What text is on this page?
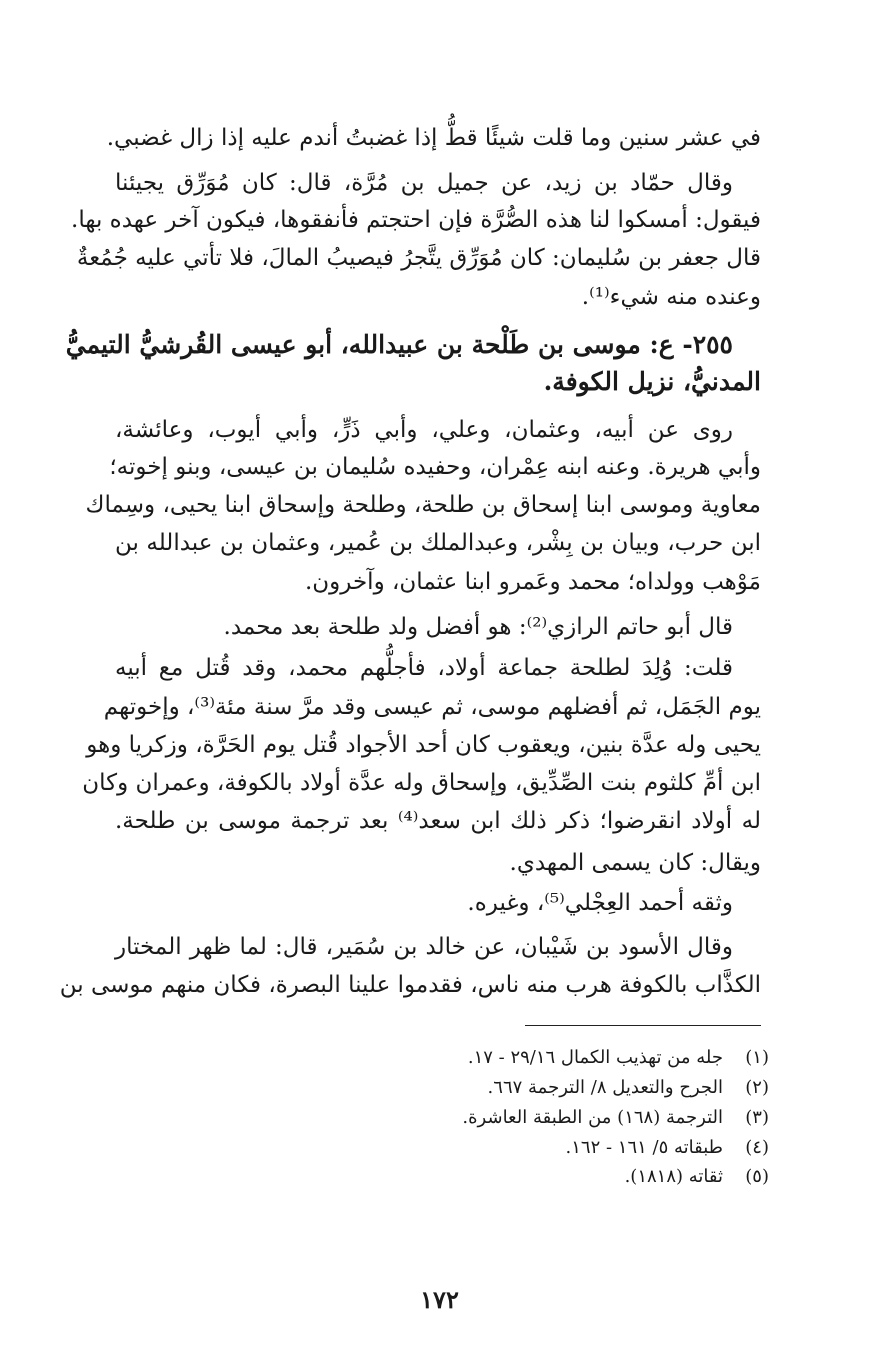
في عشر سنين وما قلت شيئًا قطُّ إذا غضبتُ أندم عليه إذا زال غضبي.
وقال حمّاد بن زيد، عن جميل بن مُرَّة، قال: كان مُوَرِّق يجيئنا
فيقول: أمسكوا لنا هذه الصُّرَّة فإن احتجتم فأنفقوها، فيكون آخر عهده بها.
قال جعفر بن سُليمان: كان مُوَرِّق يتَّجرُ فيصيبُ المالَ، فلا تأتي عليه جُمُعةٌ
وعنده منه شيء⁽¹⁾.
٢٥٥- ع: موسى بن طَلْحة بن عبيدالله، أبو عيسى القُرشيُّ التيميُّ
المدنيُّ، نزيل الكوفة.
روى عن أبيه، وعثمان، وعلي، وأبي ذَرٍّ، وأبي أيوب، وعائشة،
وأبي هريرة. وعنه ابنه عِمْران، وحفيده سُليمان بن عيسى، وبنو إخوته؛
معاوية وموسى ابنا إسحاق بن طلحة، وطلحة وإسحاق ابنا يحيى، وسِماك
ابن حرب، وبيان بن بِشْر، وعبدالملك بن عُمير، وعثمان بن عبدالله بن
مَوْهب وولداه؛ محمد وعَمرو ابنا عثمان، وآخرون.
قال أبو حاتم الرازي⁽²⁾: هو أفضل ولد طلحة بعد محمد.
قلت: وُلِدَ لطلحة جماعة أولاد، فأجلُّهم محمد، وقد قُتل مع أبيه
يوم الجَمَل، ثم أفضلهم موسى، ثم عيسى وقد مرَّ سنة مئة⁽³⁾، وإخوتهم
يحيى وله عدَّة بنين، ويعقوب كان أحد الأجواد قُتل يوم الحَرَّة، وزكريا وهو
ابن أمِّ كلثوم بنت الصِّدِّيق، وإسحاق وله عدَّة أولاد بالكوفة، وعمران وكان
له أولاد انقرضوا؛ ذكر ذلك ابن سعد⁽⁴⁾ بعد ترجمة موسى بن طلحة.
ويقال: كان يسمى المهدي.
وثقه أحمد العِجْلي⁽⁵⁾، وغيره.
وقال الأسود بن شَيْبان، عن خالد بن سُمَير، قال: لما ظهر المختار
الكذَّاب بالكوفة هرب منه ناس، فقدموا علينا البصرة، فكان منهم موسى بن
(١)جله من تهذيب الكمال ٢٩/١٦ - ١٧.
(٢)الجرح والتعديل ٨/ الترجمة ٦٦٧.
(٣)الترجمة (١٦٨) من الطبقة العاشرة.
(٤)طبقاته ٥/ ١٦١ - ١٦٢.
(٥)ثقاته (١٨١٨).
١٧٢
